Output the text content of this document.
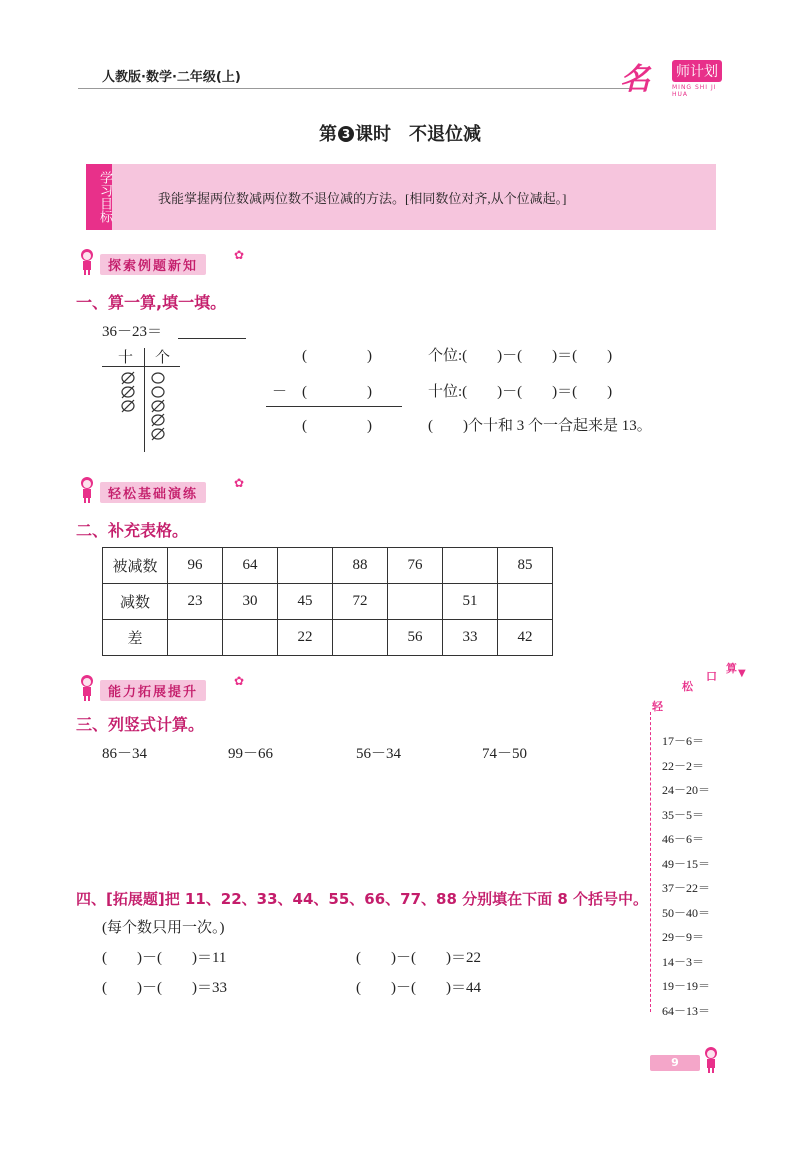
人教版·数学·二年级(上)	名 师计划
MING SHI JI HUA
第 3 课时　不退位减
学习目标	我能掌握两位数减两位数不退位减的方法。[相同数位对齐,从个位减起。]
探索例题新知
✿
一、算一算,填一填。
36－23＝
十 个	(　　　　)
－ (　　　　)
(　　　　)
个位:(　　)－(　　)＝(　　)
十位:(　　)－(　　)＝(　　)
(　　)个十和 3 个一合起来是 13。
轻松基础演练
✿
二、补充表格。
被减数	96	64		88	76		85
减数	23	30	45	72		51	
差			22		56	33	42
能力拓展提升
✿
三、列竖式计算。
86－34	99－66	56－34	74－50
四、[拓展题]把 11、22、33、44、55、66、77、88 分别填在下面 8 个括号中。
(每个数只用一次。)
(　　)－(　　)＝11	(　　)－(　　)＝22
(　　)－(　　)＝33	(　　)－(　　)＝44
轻
松
口
算 ▼
17－6＝
22－2＝
24－20＝
35－5＝
46－6＝
49－15＝
37－22＝
50－40＝
29－9＝
14－3＝
19－19＝
64－13＝
9
